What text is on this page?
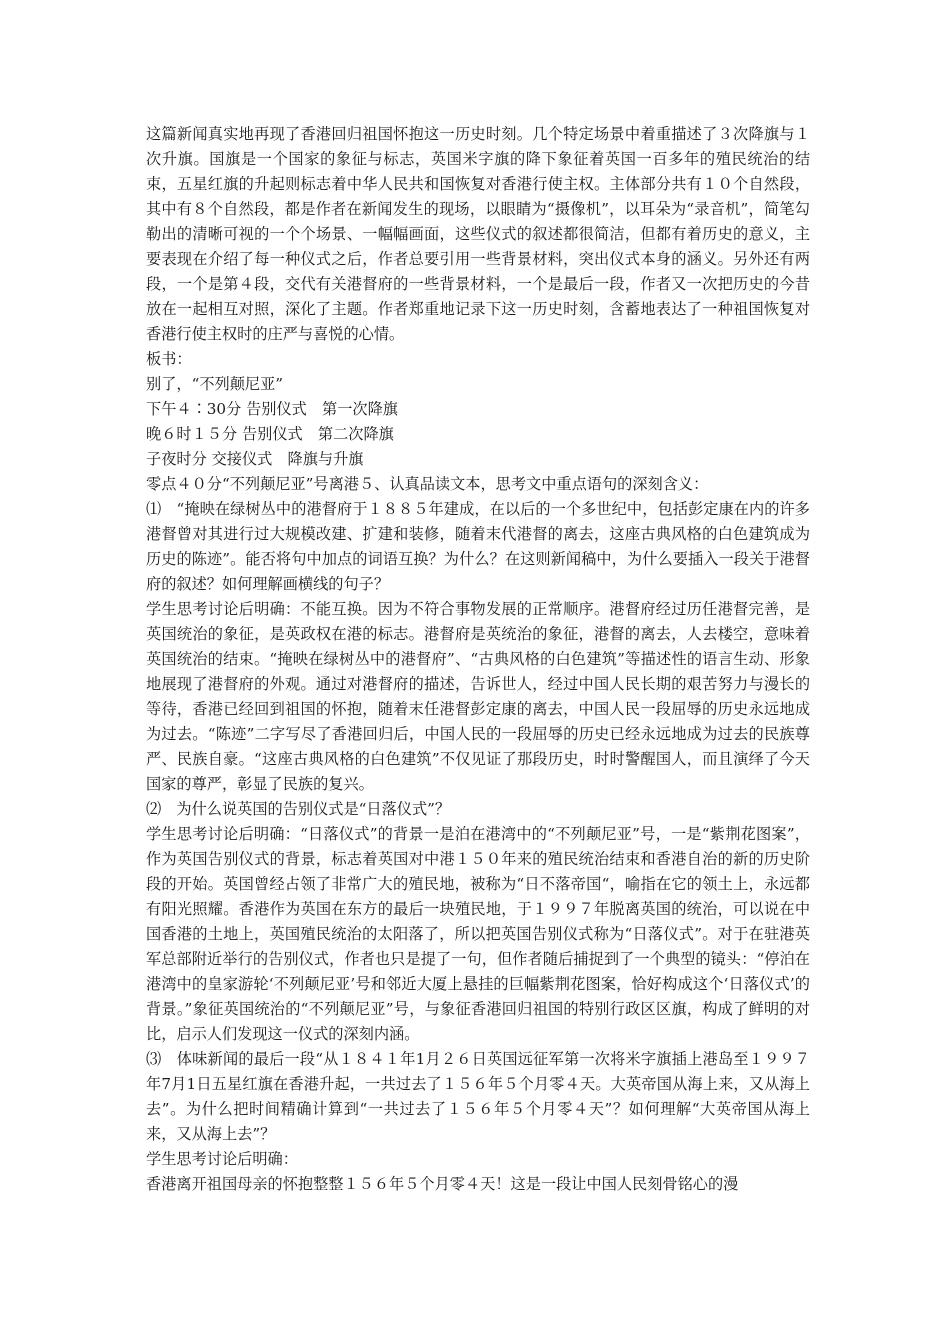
这篇新闻真实地再现了香港回归祖国怀抱这一历史时刻。几个特定场景中着重描述了３次降旗与１次升旗。国旗是一个国家的象征与标志，英国米字旗的降下象征着英国一百多年的殖民统治的结束，五星红旗的升起则标志着中华人民共和国恢复对香港行使主权。主体部分共有１０个自然段，其中有８个自然段，都是作者在新闻发生的现场，以眼睛为“摄像机”，以耳朵为“录音机”，简笔勾勒出的清晰可视的一个个场景、一幅幅画面，这些仪式的叙述都很简洁，但都有着历史的意义，主要表现在介绍了每一种仪式之后，作者总要引用一些背景材料，突出仪式本身的涵义。另外还有两段，一个是第４段，交代有关港督府的一些背景材料，一个是最后一段，作者又一次把历史的今昔放在一起相互对照，深化了主题。作者郑重地记录下这一历史时刻，含蓄地表达了一种祖国恢复对香港行使主权时的庄严与喜悦的心情。

板书：

别了，“不列颠尼亚”

下午４∶30分 告别仪式　第一次降旗

晚６时１５分 告别仪式　第二次降旗

子夜时分 交接仪式　降旗与升旗

零点４０分“不列颠尼亚”号离港５、认真品读文本，思考文中重点语句的深刻含义：

⑴　“掩映在绿树丛中的港督府于１８８５年建成，在以后的一个多世纪中，包括彭定康在内的许多港督曾对其进行过大规模改建、扩建和装修，随着末代港督的离去，这座古典风格的白色建筑成为历史的陈迹”。能否将句中加点的词语互换？为什么？在这则新闻稿中，为什么要插入一段关于港督府的叙述？如何理解画横线的句子？

学生思考讨论后明确：不能互换。因为不符合事物发展的正常顺序。港督府经过历任港督完善，是英国统治的象征，是英政权在港的标志。港督府是英统治的象征，港督的离去，人去楼空，意味着英国统治的结束。“掩映在绿树丛中的港督府”、“古典风格的白色建筑”等描述性的语言生动、形象地展现了港督府的外观。通过对港督府的描述，告诉世人，经过中国人民长期的艰苦努力与漫长的等待，香港已经回到祖国的怀抱，随着末任港督彭定康的离去，中国人民一段屈辱的历史永远地成为过去。“陈迹”二字写尽了香港回归后，中国人民的一段屈辱的历史已经永远地成为过去的民族尊严、民族自豪。“这座古典风格的白色建筑”不仅见证了那段历史，时时警醒国人，而且演绎了今天国家的尊严，彰显了民族的复兴。

⑵　为什么说英国的告别仪式是“日落仪式”？

学生思考讨论后明确：“日落仪式”的背景一是泊在港湾中的“不列颠尼亚”号，一是“紫荆花图案”，作为英国告别仪式的背景，标志着英国对中港１５０年来的殖民统治结束和香港自治的新的历史阶段的开始。英国曾经占领了非常广大的殖民地，被称为“日不落帝国“，喻指在它的领土上，永远都有阳光照耀。香港作为英国在东方的最后一块殖民地，于１９９７年脱离英国的统治，可以说在中国香港的土地上，英国殖民统治的太阳落了，所以把英国告别仪式称为“日落仪式”。对于在驻港英军总部附近举行的告别仪式，作者也只是提了一句，但作者随后捕捉到了一个典型的镜头：“停泊在港湾中的皇家游轮‘不列颠尼亚’号和邻近大厦上悬挂的巨幅紫荆花图案，恰好构成这个‘日落仪式’的背景。”象征英国统治的“不列颠尼亚”号，与象征香港回归祖国的特别行政区区旗，构成了鲜明的对比，启示人们发现这一仪式的深刻内涵。

⑶　体味新闻的最后一段“从１８４１年1月２６日英国远征军第一次将米字旗插上港岛至１９９７年7月1日五星红旗在香港升起，一共过去了１５６年５个月零４天。大英帝国从海上来，又从海上去”。为什么把时间精确计算到“一共过去了１５６年５个月零４天”？如何理解“大英帝国从海上来，又从海上去”？

学生思考讨论后明确：

香港离开祖国母亲的怀抱整整１５６年５个月零４天！这是一段让中国人民刻骨铭心的漫
